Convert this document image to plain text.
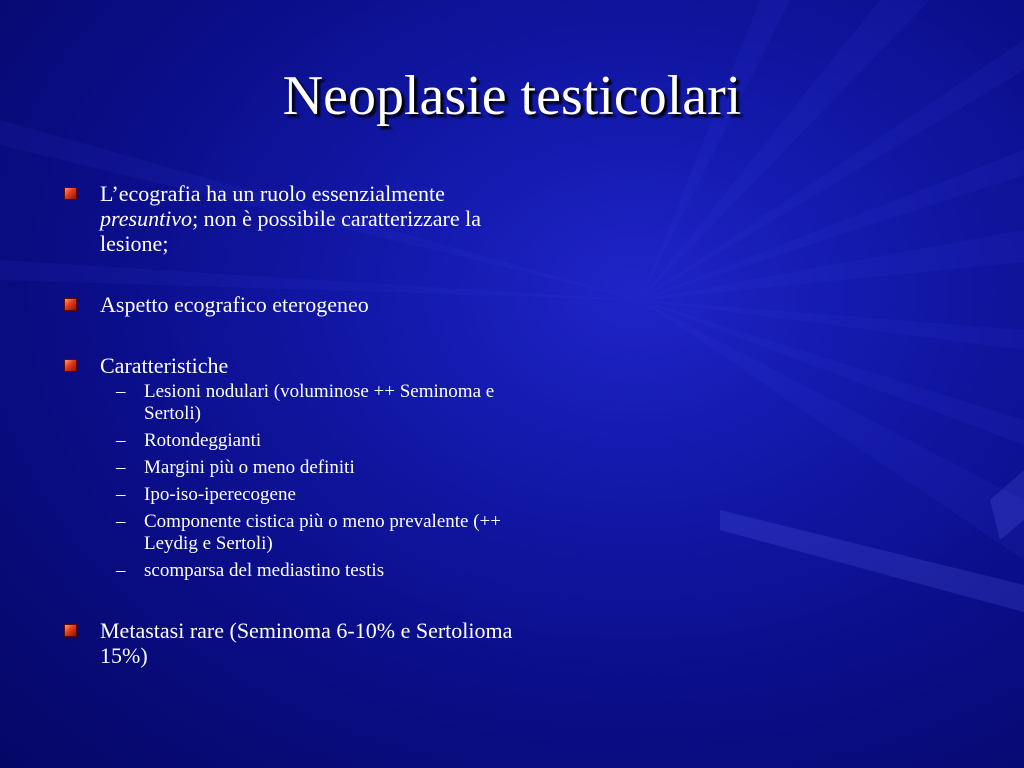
Neoplasie testicolari
L’ecografia ha un ruolo essenzialmente presuntivo; non è possibile caratterizzare la lesione;
Aspetto ecografico eterogeneo
Caratteristiche
– Lesioni nodulari (voluminose ++ Seminoma e Sertoli)
– Rotondeggianti
– Margini più o meno definiti
– Ipo-iso-iperecogene
– Componente cistica più o meno prevalente (++ Leydig e Sertoli)
– scomparsa del mediastino testis
Metastasi rare (Seminoma 6-10% e Sertolioma 15%)
